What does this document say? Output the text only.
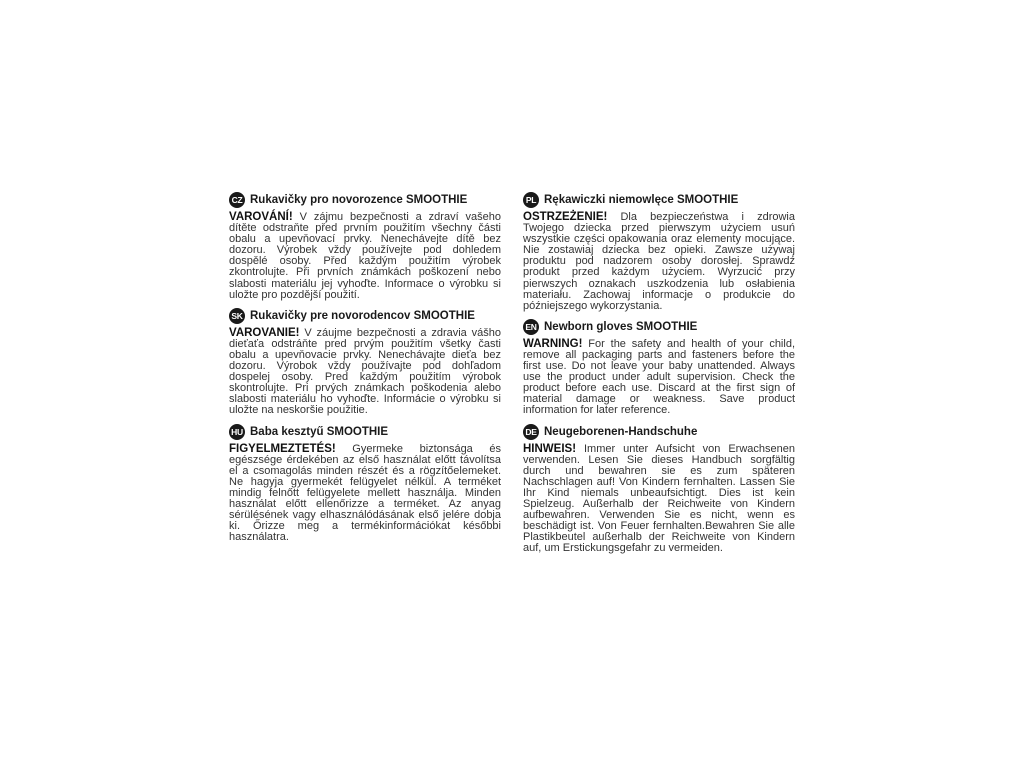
CZ Rukavičky pro novorozence SMOOTHIE

VAROVÁNÍ! V zájmu bezpečnosti a zdraví vašeho dítěte odstraňte před prvním použitím všechny části obalu a upevňovací prvky. Nenechávejte dítě bez dozoru. Výrobek vždy používejte pod dohledem dospělé osoby. Před každým použitím výrobek zkontrolujte. Při prvních známkách poškození nebo slabosti materiálu jej vyhoďte. Informace o výrobku si uložte pro pozdější použití.

SK Rukavičky pre novorodencov SMOOTHIE

VAROVANIE! V záujme bezpečnosti a zdravia vášho dieťaťa odstráňte pred prvým použitím všetky časti obalu a upevňovacie prvky. Nenechávajte dieťa bez dozoru. Výrobok vždy používajte pod dohľadom dospelej osoby. Pred každým použitím výrobok skontrolujte. Pri prvých známkach poškodenia alebo slabosti materiálu ho vyhoďte. Informácie o výrobku si uložte na neskoršie použitie.

HU Baba kesztyű SMOOTHIE

FIGYELMEZTETÉS! Gyermeke biztonsága és egészsége érdekében az első használat előtt távolítsa el a csomagolás minden részét és a rögzítőelemeket. Ne hagyja gyermekét felügyelet nélkül. A terméket mindig felnőtt felügyelete mellett használja. Minden használat előtt ellenőrizze a terméket. Az anyag sérülésének vagy elhasználódásának első jelére dobja ki. Őrizze meg a termékinformációkat későbbi használatra.

PL Rękawiczki niemowlęce SMOOTHIE

OSTRZEŻENIE! Dla bezpieczeństwa i zdrowia Twojego dziecka przed pierwszym użyciem usuń wszystkie części opakowania oraz elementy mocujące. Nie zostawiaj dziecka bez opieki. Zawsze używaj produktu pod nadzorem osoby dorosłej. Sprawdź produkt przed każdym użyciem. Wyrzucić przy pierwszych oznakach uszkodzenia lub osłabienia materiału. Zachowaj informacje o produkcie do późniejszego wykorzystania.

EN Newborn gloves SMOOTHIE

WARNING! For the safety and health of your child, remove all packaging parts and fasteners before the first use. Do not leave your baby unattended. Always use the product under adult supervision. Check the product before each use. Discard at the first sign of material damage or weakness. Save product information for later reference.

DE Neugeborenen-Handschuhe

HINWEIS! Immer unter Aufsicht von Erwachsenen verwenden. Lesen Sie dieses Handbuch sorgfältig durch und bewahren sie es zum späteren Nachschlagen auf! Von Kindern fernhalten. Lassen Sie Ihr Kind niemals unbeaufsichtigt. Dies ist kein Spielzeug. Außerhalb der Reichweite von Kindern aufbewahren. Verwenden Sie es nicht, wenn es beschädigt ist. Von Feuer fernhalten.Bewahren Sie alle Plastikbeutel außerhalb der Reichweite von Kindern auf, um Erstickungsgefahr zu vermeiden.
